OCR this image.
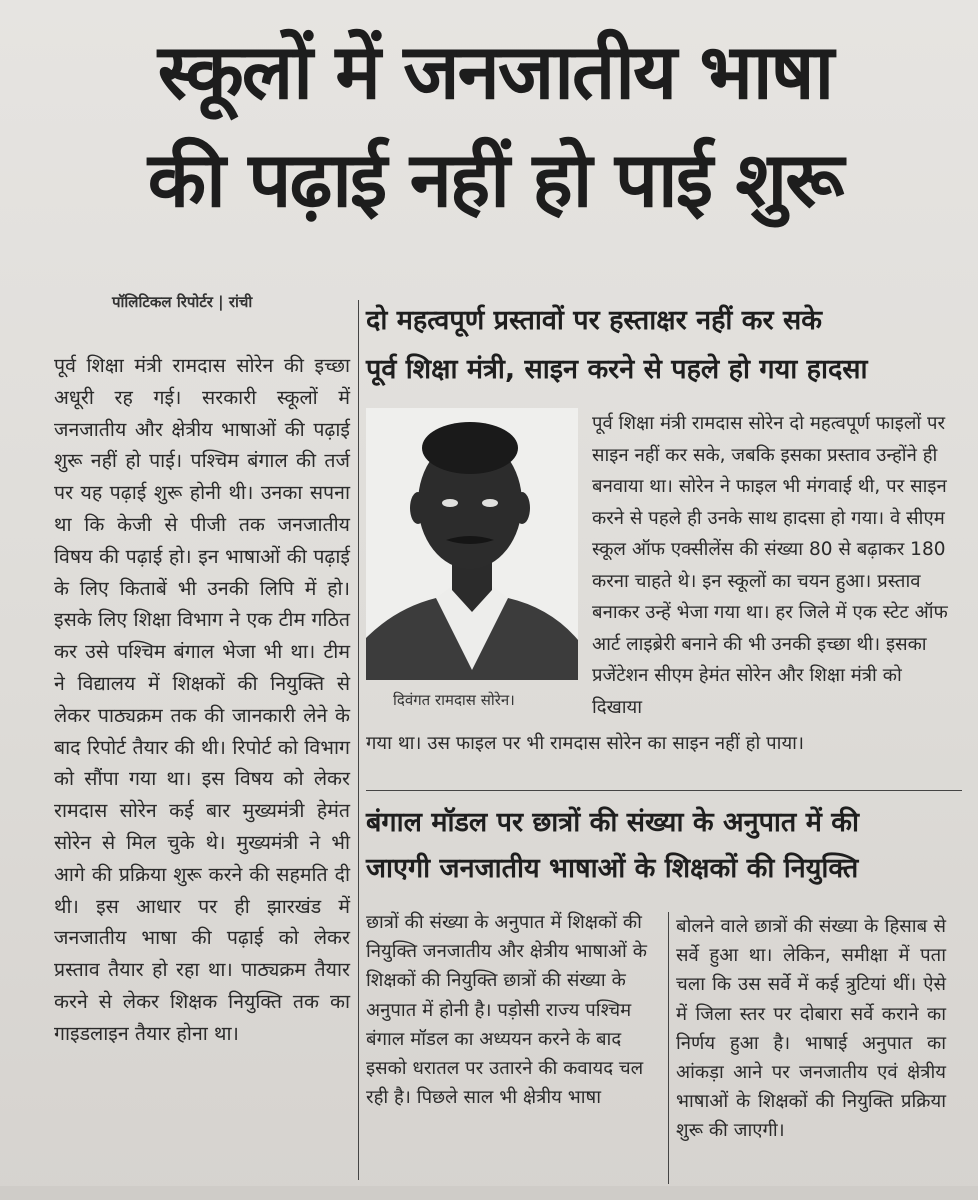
स्कूलों में जनजातीय भाषा
की पढ़ाई नहीं हो पाई शुरू
पॉलिटिकल रिपोर्टर | रांची
पूर्व शिक्षा मंत्री रामदास सोरेन की इच्छा अधूरी रह गई। सरकारी स्कूलों में जनजातीय और क्षेत्रीय भाषाओं की पढ़ाई शुरू नहीं हो पाई। पश्चिम बंगाल की तर्ज पर यह पढ़ाई शुरू होनी थी। उनका सपना था कि केजी से पीजी तक जनजातीय विषय की पढ़ाई हो। इन भाषाओं की पढ़ाई के लिए किताबें भी उनकी लिपि में हो। इसके लिए शिक्षा विभाग ने एक टीम गठित कर उसे पश्चिम बंगाल भेजा भी था। टीम ने विद्यालय में शिक्षकों की नियुक्ति से लेकर पाठ्यक्रम तक की जानकारी लेने के बाद रिपोर्ट तैयार की थी। रिपोर्ट को विभाग को सौंपा गया था। इस विषय को लेकर रामदास सोरेन कई बार मुख्यमंत्री हेमंत सोरेन से मिल चुके थे। मुख्यमंत्री ने भी आगे की प्रक्रिया शुरू करने की सहमति दी थी। इस आधार पर ही झारखंड में जनजातीय भाषा की पढ़ाई को लेकर प्रस्ताव तैयार हो रहा था। पाठ्यक्रम तैयार करने से लेकर शिक्षक नियुक्ति तक का गाइडलाइन तैयार होना था।
दो महत्वपूर्ण प्रस्तावों पर हस्ताक्षर नहीं कर सके
पूर्व शिक्षा मंत्री, साइन करने से पहले हो गया हादसा
दिवंगत रामदास सोरेन।
पूर्व शिक्षा मंत्री रामदास सोरेन दो महत्वपूर्ण फाइलों पर साइन नहीं कर सके, जबकि इसका प्रस्ताव उन्होंने ही बनवाया था। सोरेन ने फाइल भी मंगवाई थी, पर साइन करने से पहले ही उनके साथ हादसा हो गया। वे सीएम स्कूल ऑफ एक्सीलेंस की संख्या 80 से बढ़ाकर 180 करना चाहते थे। इन स्कूलों का चयन हुआ। प्रस्ताव बनाकर उन्हें भेजा गया था। हर जिले में एक स्टेट ऑफ आर्ट लाइब्रेरी बनाने की भी उनकी इच्छा थी। इसका प्रजेंटेशन सीएम हेमंत सोरेन और शिक्षा मंत्री को दिखाया
गया था। उस फाइल पर भी रामदास सोरेन का साइन नहीं हो पाया।
बंगाल मॉडल पर छात्रों की संख्या के अनुपात में की
जाएगी जनजातीय भाषाओं के शिक्षकों की नियुक्ति
छात्रों की संख्या के अनुपात में शिक्षकों की नियुक्ति जनजातीय और क्षेत्रीय भाषाओं के शिक्षकों की नियुक्ति छात्रों की संख्या के अनुपात में होनी है। पड़ोसी राज्य पश्चिम बंगाल मॉडल का अध्ययन करने के बाद इसको धरातल पर उतारने की कवायद चल रही है। पिछले साल भी क्षेत्रीय भाषा
बोलने वाले छात्रों की संख्या के हिसाब से सर्वे हुआ था। लेकिन, समीक्षा में पता चला कि उस सर्वे में कई त्रुटियां थीं। ऐसे में जिला स्तर पर दोबारा सर्वे कराने का निर्णय हुआ है। भाषाई अनुपात का आंकड़ा आने पर जनजातीय एवं क्षेत्रीय भाषाओं के शिक्षकों की नियुक्ति प्रक्रिया शुरू की जाएगी।
